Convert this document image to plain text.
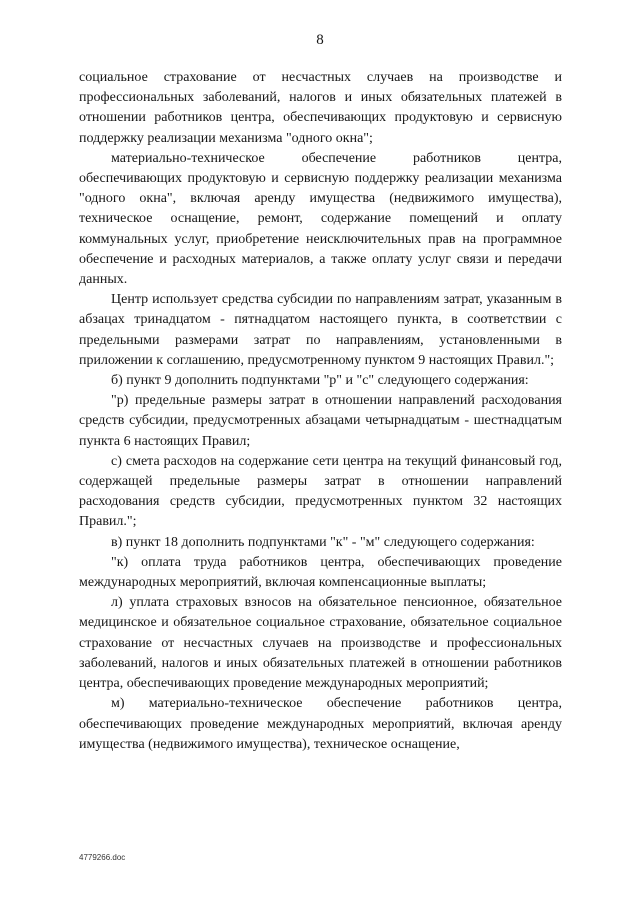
8

социальное страхование от несчастных случаев на производстве и профессиональных заболеваний, налогов и иных обязательных платежей в отношении работников центра, обеспечивающих продуктовую и сервисную поддержку реализации механизма "одного окна";

материально-техническое обеспечение работников центра, обеспечивающих продуктовую и сервисную поддержку реализации механизма "одного окна", включая аренду имущества (недвижимого имущества), техническое оснащение, ремонт, содержание помещений и оплату коммунальных услуг, приобретение неисключительных прав на программное обеспечение и расходных материалов, а также оплату услуг связи и передачи данных.

Центр использует средства субсидии по направлениям затрат, указанным в абзацах тринадцатом - пятнадцатом настоящего пункта, в соответствии с предельными размерами затрат по направлениям, установленными в приложении к соглашению, предусмотренному пунктом 9 настоящих Правил.";

б) пункт 9 дополнить подпунктами "р" и "с" следующего содержания:

"р) предельные размеры затрат в отношении направлений расходования средств субсидии, предусмотренных абзацами четырнадцатым - шестнадцатым пункта 6 настоящих Правил;

с) смета расходов на содержание сети центра на текущий финансовый год, содержащей предельные размеры затрат в отношении направлений расходования средств субсидии, предусмотренных пунктом 32 настоящих Правил.";

в) пункт 18 дополнить подпунктами "к" - "м" следующего содержания:

"к) оплата труда работников центра, обеспечивающих проведение международных мероприятий, включая компенсационные выплаты;

л) уплата страховых взносов на обязательное пенсионное, обязательное медицинское и обязательное социальное страхование, обязательное социальное страхование от несчастных случаев на производстве и профессиональных заболеваний, налогов и иных обязательных платежей в отношении работников центра, обеспечивающих проведение международных мероприятий;

м) материально-техническое обеспечение работников центра, обеспечивающих проведение международных мероприятий, включая аренду имущества (недвижимого имущества), техническое оснащение,

4779266.doc
